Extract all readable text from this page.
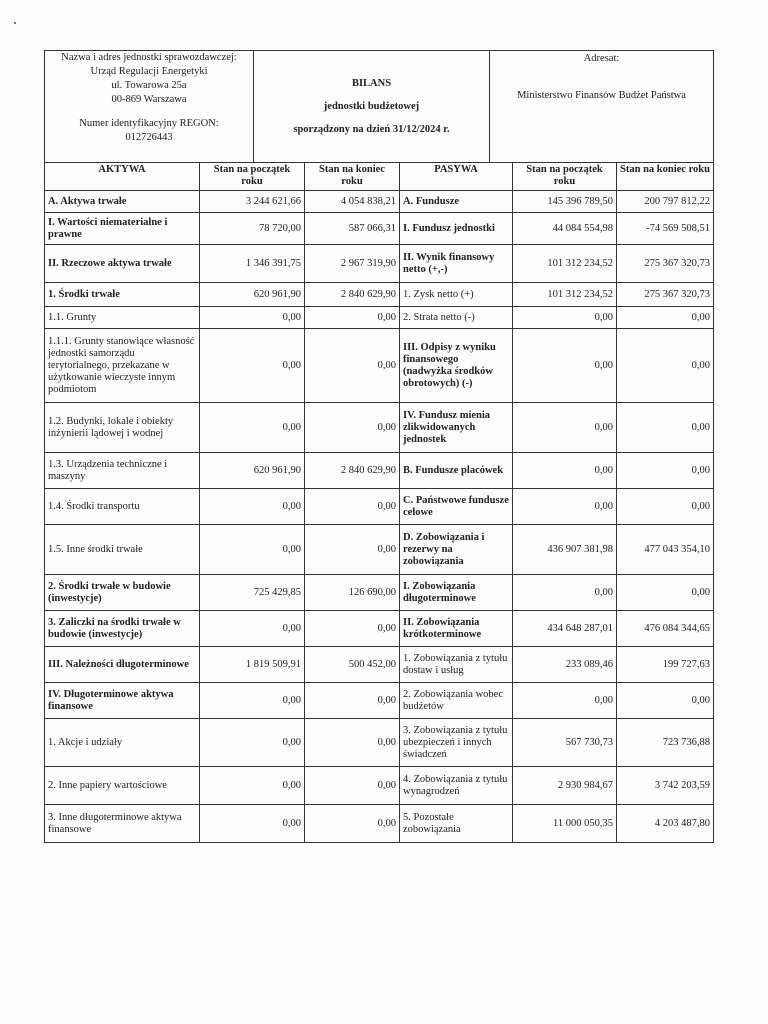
Nazwa i adres jednostki sprawozdawczej:
Urząd Regulacji Energetyki
ul. Towarowa 25a
00-869 Warszawa
Numer identyfikacyjny REGON:
012726443

BILANS
jednostki budżetowej
sporządzony na dzień 31/12/2024 r.

Adresat:
Ministerstwo Finansów Budżet Państwa
AKTYWA	Stan na początek roku	Stan na koniec roku	PASYWA	Stan na początek roku	Stan na koniec roku
A. Aktywa trwałe	3 244 621,66	4 054 838,21	A. Fundusze	145 396 789,50	200 797 812,22
I. Wartości niematerialne i prawne	78 720,00	587 066,31	I. Fundusz jednostki	44 084 554,98	-74 569 508,51
II. Rzeczowe aktywa trwałe	1 346 391,75	2 967 319,90	II. Wynik finansowy netto (+,-)	101 312 234,52	275 367 320,73
1. Środki trwałe	620 961,90	2 840 629,90	1. Zysk netto (+)	101 312 234,52	275 367 320,73
1.1. Grunty	0,00	0,00	2. Strata netto (-)	0,00	0,00
1.1.1. Grunty stanowiące własność jednostki samorządu terytorialnego, przekazane w użytkowanie wieczyste innym podmiotom	0,00	0,00	III. Odpisy z wyniku finansowego (nadwyżka środków obrotowych) (-)	0,00	0,00
1.2. Budynki, lokale i obiekty inżynierii lądowej i wodnej	0,00	0,00	IV. Fundusz mienia zlikwidowanych jednostek	0,00	0,00
1.3. Urządzenia techniczne i maszyny	620 961,90	2 840 629,90	B. Fundusze placówek	0,00	0,00
1.4. Środki transportu	0,00	0,00	C. Państwowe fundusze celowe	0,00	0,00
1.5. Inne środki trwałe	0,00	0,00	D. Zobowiązania i rezerwy na zobowiązania	436 907 381,98	477 043 354,10
2. Środki trwałe w budowie (inwestycje)	725 429,85	126 690,00	I. Zobowiązania długoterminowe	0,00	0,00
3. Zaliczki na środki trwałe w budowie (inwestycje)	0,00	0,00	II. Zobowiązania krótkoterminowe	434 648 287,01	476 084 344,65
III. Należności długoterminowe	1 819 509,91	500 452,00	1. Zobowiązania z tytułu dostaw i usług	233 089,46	199 727,63
IV. Długoterminowe aktywa finansowe	0,00	0,00	2. Zobowiązania wobec budżetów	0,00	0,00
1. Akcje i udziały	0,00	0,00	3. Zobowiązania z tytułu ubezpieczeń i innych świadczeń	567 730,73	723 736,88
2. Inne papiery wartościowe	0,00	0,00	4. Zobowiązania z tytułu wynagrodzeń	2 930 984,67	3 742 203,59
3. Inne długoterminowe aktywa finansowe	0,00	0,00	5. Pozostałe zobowiązania	11 000 050,35	4 203 487,80
